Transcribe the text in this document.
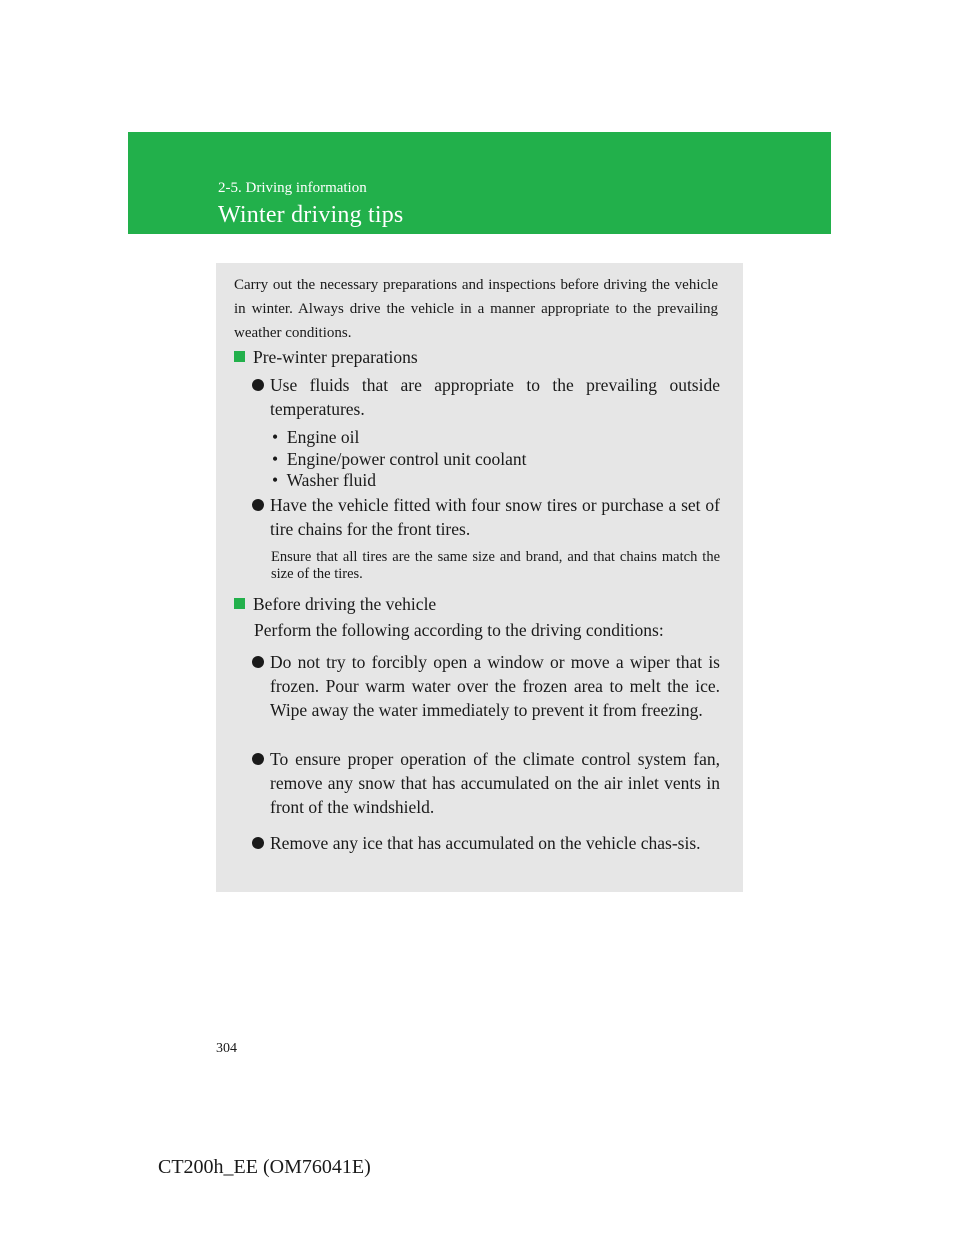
2-5. Driving information
Winter driving tips
Carry out the necessary preparations and inspections before driving the vehicle in winter. Always drive the vehicle in a manner appropriate to the prevailing weather conditions.
Pre-winter preparations
Use fluids that are appropriate to the prevailing outside temperatures.
•  Engine oil
•  Engine/power control unit coolant
•  Washer fluid
Have the vehicle fitted with four snow tires or purchase a set of tire chains for the front tires.
Ensure that all tires are the same size and brand, and that chains match the size of the tires.
Before driving the vehicle
Perform the following according to the driving conditions:
Do not try to forcibly open a window or move a wiper that is frozen. Pour warm water over the frozen area to melt the ice. Wipe away the water immediately to prevent it from freezing.
To ensure proper operation of the climate control system fan, remove any snow that has accumulated on the air inlet vents in front of the windshield.
Remove any ice that has accumulated on the vehicle chas-sis.
304
CT200h_EE (OM76041E)
